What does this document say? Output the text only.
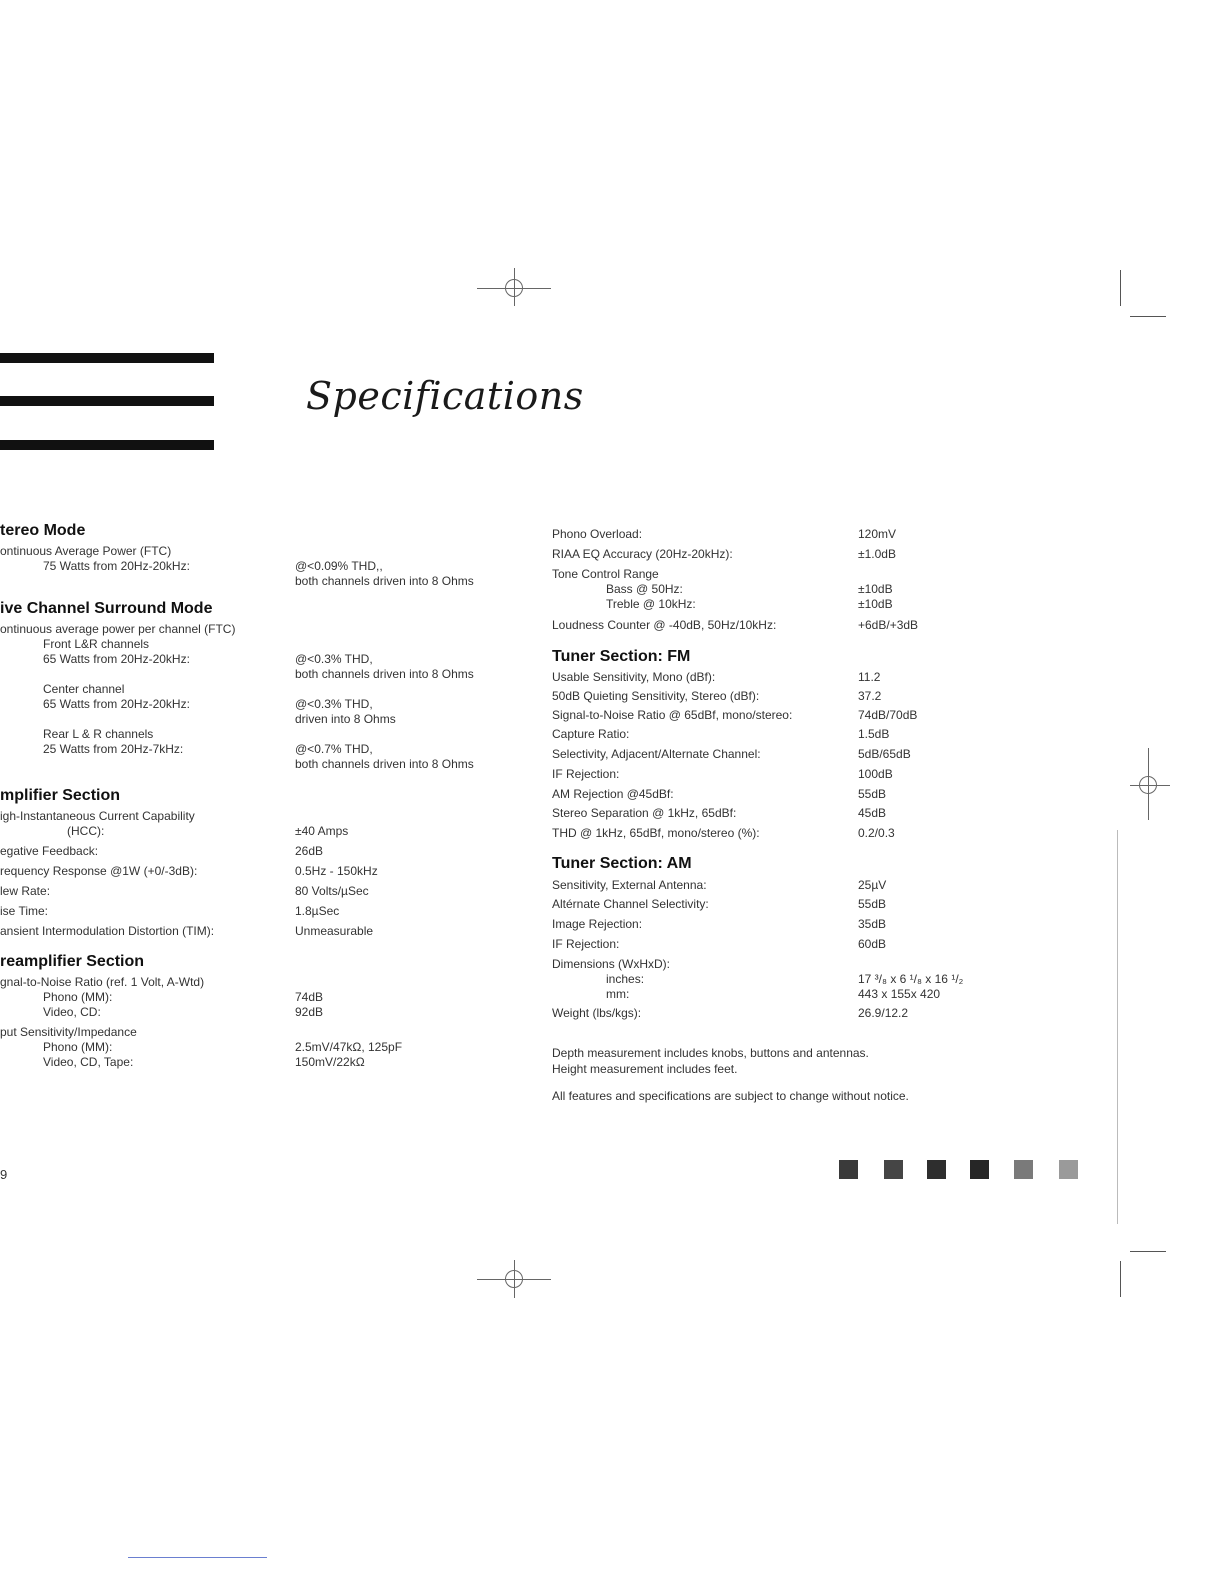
Specifications
tereo Mode
ontinuous Average Power (FTC)
75 Watts from 20Hz-20kHz:	@<0.09% THD,,
both channels driven into 8 Ohms
ive Channel Surround Mode
ontinuous average power per channel (FTC)
Front L&R channels
65 Watts from 20Hz-20kHz:	@<0.3% THD,
both channels driven into 8 Ohms
Center channel
65 Watts from 20Hz-20kHz:	@<0.3% THD,
driven into 8 Ohms
Rear L & R channels
25 Watts from 20Hz-7kHz:	@<0.7% THD,
both channels driven into 8 Ohms
mplifier Section
igh-Instantaneous Current Capability
(HCC):	±40 Amps
egative Feedback:	26dB
requency Response @1W (+0/-3dB):	0.5Hz - 150kHz
lew Rate:	80 Volts/µSec
ise Time:	1.8µSec
ansient Intermodulation Distortion (TIM):	Unmeasurable
reamplifier Section
gnal-to-Noise Ratio (ref. 1 Volt, A-Wtd)
Phono (MM):	74dB
Video, CD:	92dB
put Sensitivity/Impedance
Phono (MM):	2.5mV/47kΩ, 125pF
Video, CD, Tape:	150mV/22kΩ
Phono Overload:	120mV
RIAA EQ Accuracy (20Hz-20kHz):	±1.0dB
Tone Control Range
Bass @ 50Hz:	±10dB
Treble @ 10kHz:	±10dB
Loudness Counter @ -40dB, 50Hz/10kHz:	+6dB/+3dB
Tuner Section: FM
Usable Sensitivity, Mono (dBf):	11.2
50dB Quieting Sensitivity, Stereo (dBf):	37.2
Signal-to-Noise Ratio @ 65dBf, mono/stereo:	74dB/70dB
Capture Ratio:	1.5dB
Selectivity, Adjacent/Alternate Channel:	5dB/65dB
IF Rejection:	100dB
AM Rejection @45dBf:	55dB
Stereo Separation @ 1kHz, 65dBf:	45dB
THD @ 1kHz, 65dBf, mono/stereo (%):	0.2/0.3
Tuner Section: AM
Sensitivity, External Antenna:	25µV
Altérnate Channel Selectivity:	55dB
Image Rejection:	35dB
IF Rejection:	60dB
Dimensions (WxHxD):
inches:	17 ³/₈ x 6 ¹/₈ x 16 ¹/₂
mm:	443 x 155x 420
Weight (lbs/kgs):	26.9/12.2
Depth measurement includes knobs, buttons and antennas.
Height measurement includes feet.
All features and specifications are subject to change without notice.
9
